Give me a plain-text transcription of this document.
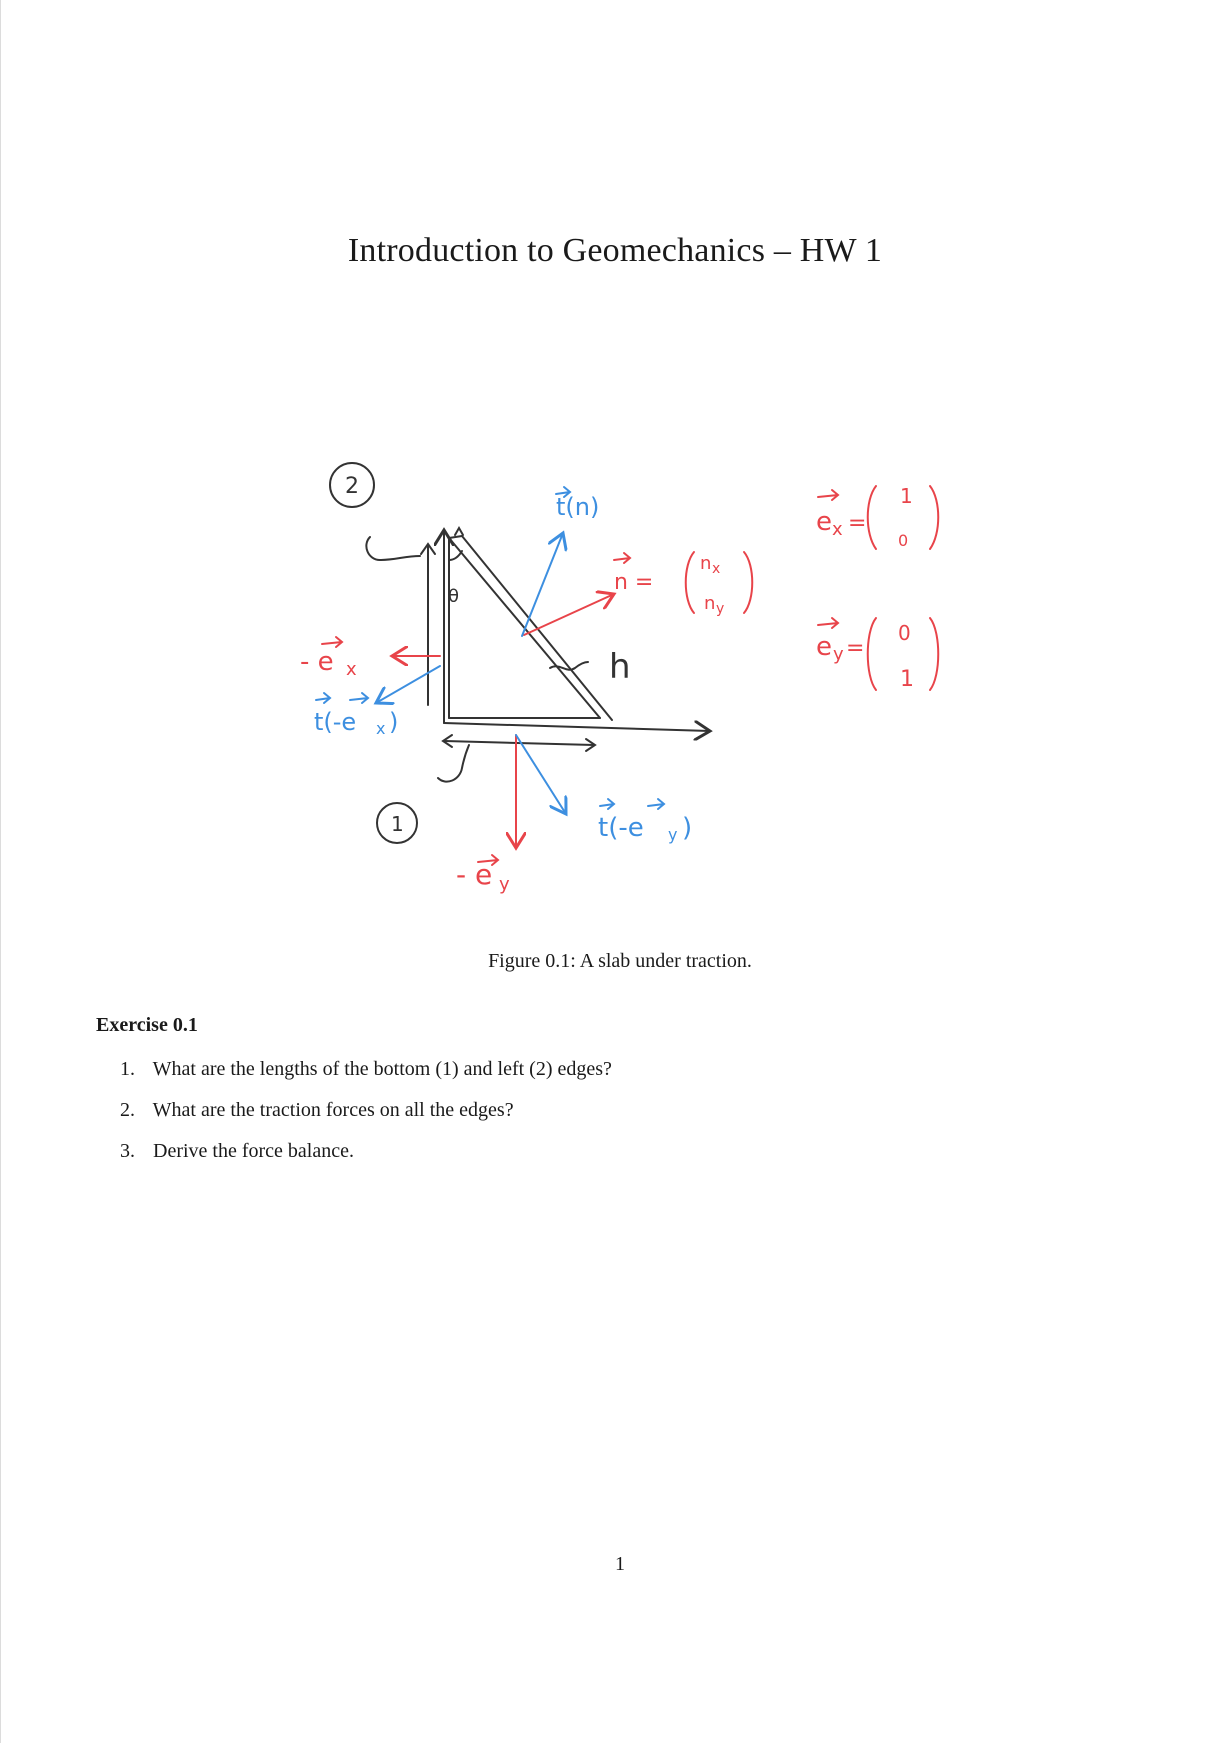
Introduction to Geomechanics – HW 1
2
1
θ
h
- e x
t(-e x )
t(n)
n =
n x
n y
- e y
t(-e y )
e x =
1
0
e y =
0
1
Figure 0.1: A slab under traction.
Exercise 0.1
1. What are the lengths of the bottom (1) and left (2) edges?
2. What are the traction forces on all the edges?
3. Derive the force balance.
1
